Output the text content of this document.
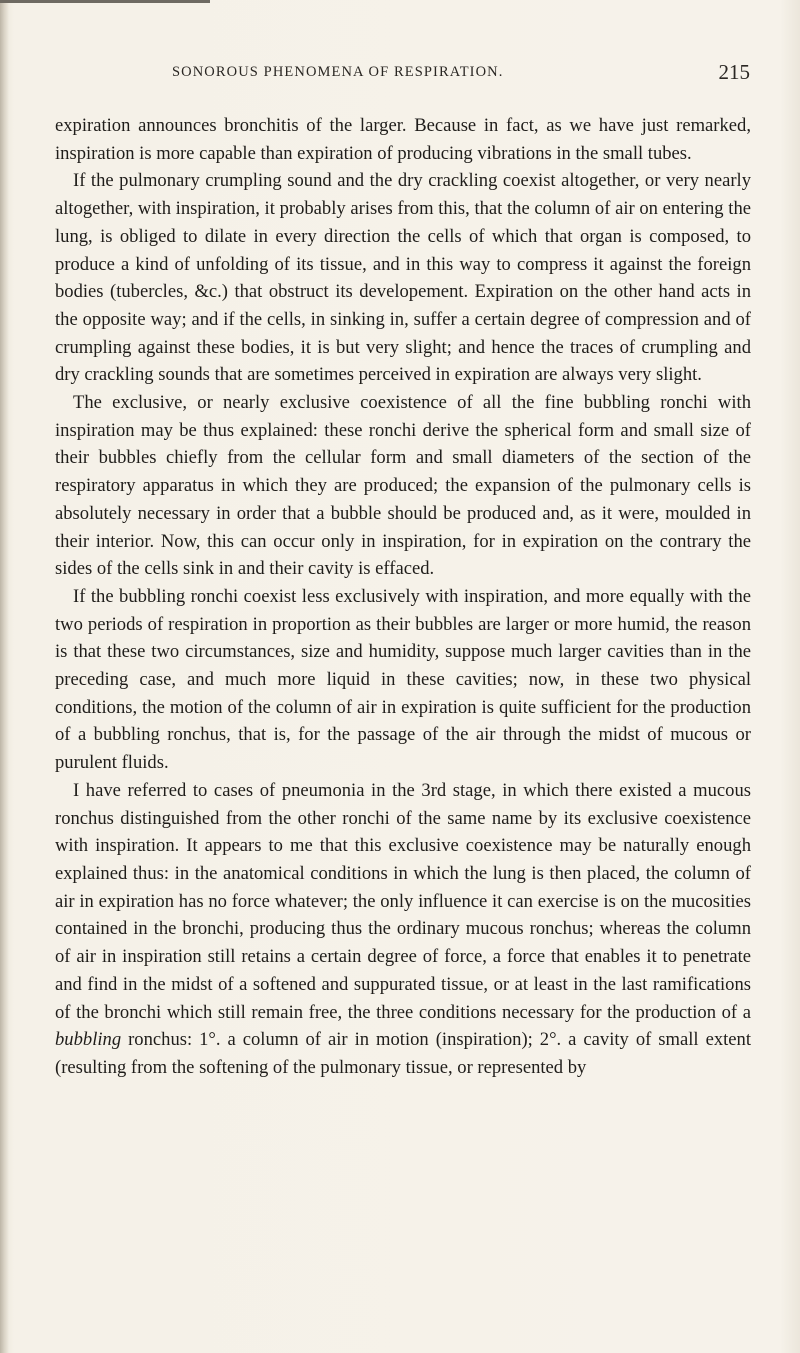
SONOROUS PHENOMENA OF RESPIRATION.	215

expiration announces bronchitis of the larger. Because in fact, as we have just remarked, inspiration is more capable than expiration of producing vibrations in the small tubes.

If the pulmonary crumpling sound and the dry crackling coexist altogether, or very nearly altogether, with inspiration, it probably arises from this, that the column of air on entering the lung, is obliged to dilate in every direction the cells of which that organ is composed, to produce a kind of unfolding of its tissue, and in this way to compress it against the foreign bodies (tubercles, &c.) that obstruct its developement. Expiration on the other hand acts in the opposite way; and if the cells, in sinking in, suffer a certain degree of compression and of crumpling against these bodies, it is but very slight; and hence the traces of crumpling and dry crackling sounds that are sometimes perceived in expiration are always very slight.

The exclusive, or nearly exclusive coexistence of all the fine bubbling ronchi with inspiration may be thus explained: these ronchi derive the spherical form and small size of their bubbles chiefly from the cellular form and small diameters of the section of the respiratory apparatus in which they are produced; the expansion of the pulmonary cells is absolutely necessary in order that a bubble should be produced and, as it were, moulded in their interior. Now, this can occur only in inspiration, for in expiration on the contrary the sides of the cells sink in and their cavity is effaced.

If the bubbling ronchi coexist less exclusively with inspiration, and more equally with the two periods of respiration in proportion as their bubbles are larger or more humid, the reason is that these two circumstances, size and humidity, suppose much larger cavities than in the preceding case, and much more liquid in these cavities; now, in these two physical conditions, the motion of the column of air in expiration is quite sufficient for the production of a bubbling ronchus, that is, for the passage of the air through the midst of mucous or purulent fluids.

I have referred to cases of pneumonia in the 3rd stage, in which there existed a mucous ronchus distinguished from the other ronchi of the same name by its exclusive coexistence with inspiration. It appears to me that this exclusive coexistence may be naturally enough explained thus: in the anatomical conditions in which the lung is then placed, the column of air in expiration has no force whatever; the only influence it can exercise is on the mucosities contained in the bronchi, producing thus the ordinary mucous ronchus; whereas the column of air in inspiration still retains a certain degree of force, a force that enables it to penetrate and find in the midst of a softened and suppurated tissue, or at least in the last ramifications of the bronchi which still remain free, the three conditions necessary for the production of a bubbling ronchus: 1°. a column of air in motion (inspiration); 2°. a cavity of small extent (resulting from the softening of the pulmonary tissue, or represented by
